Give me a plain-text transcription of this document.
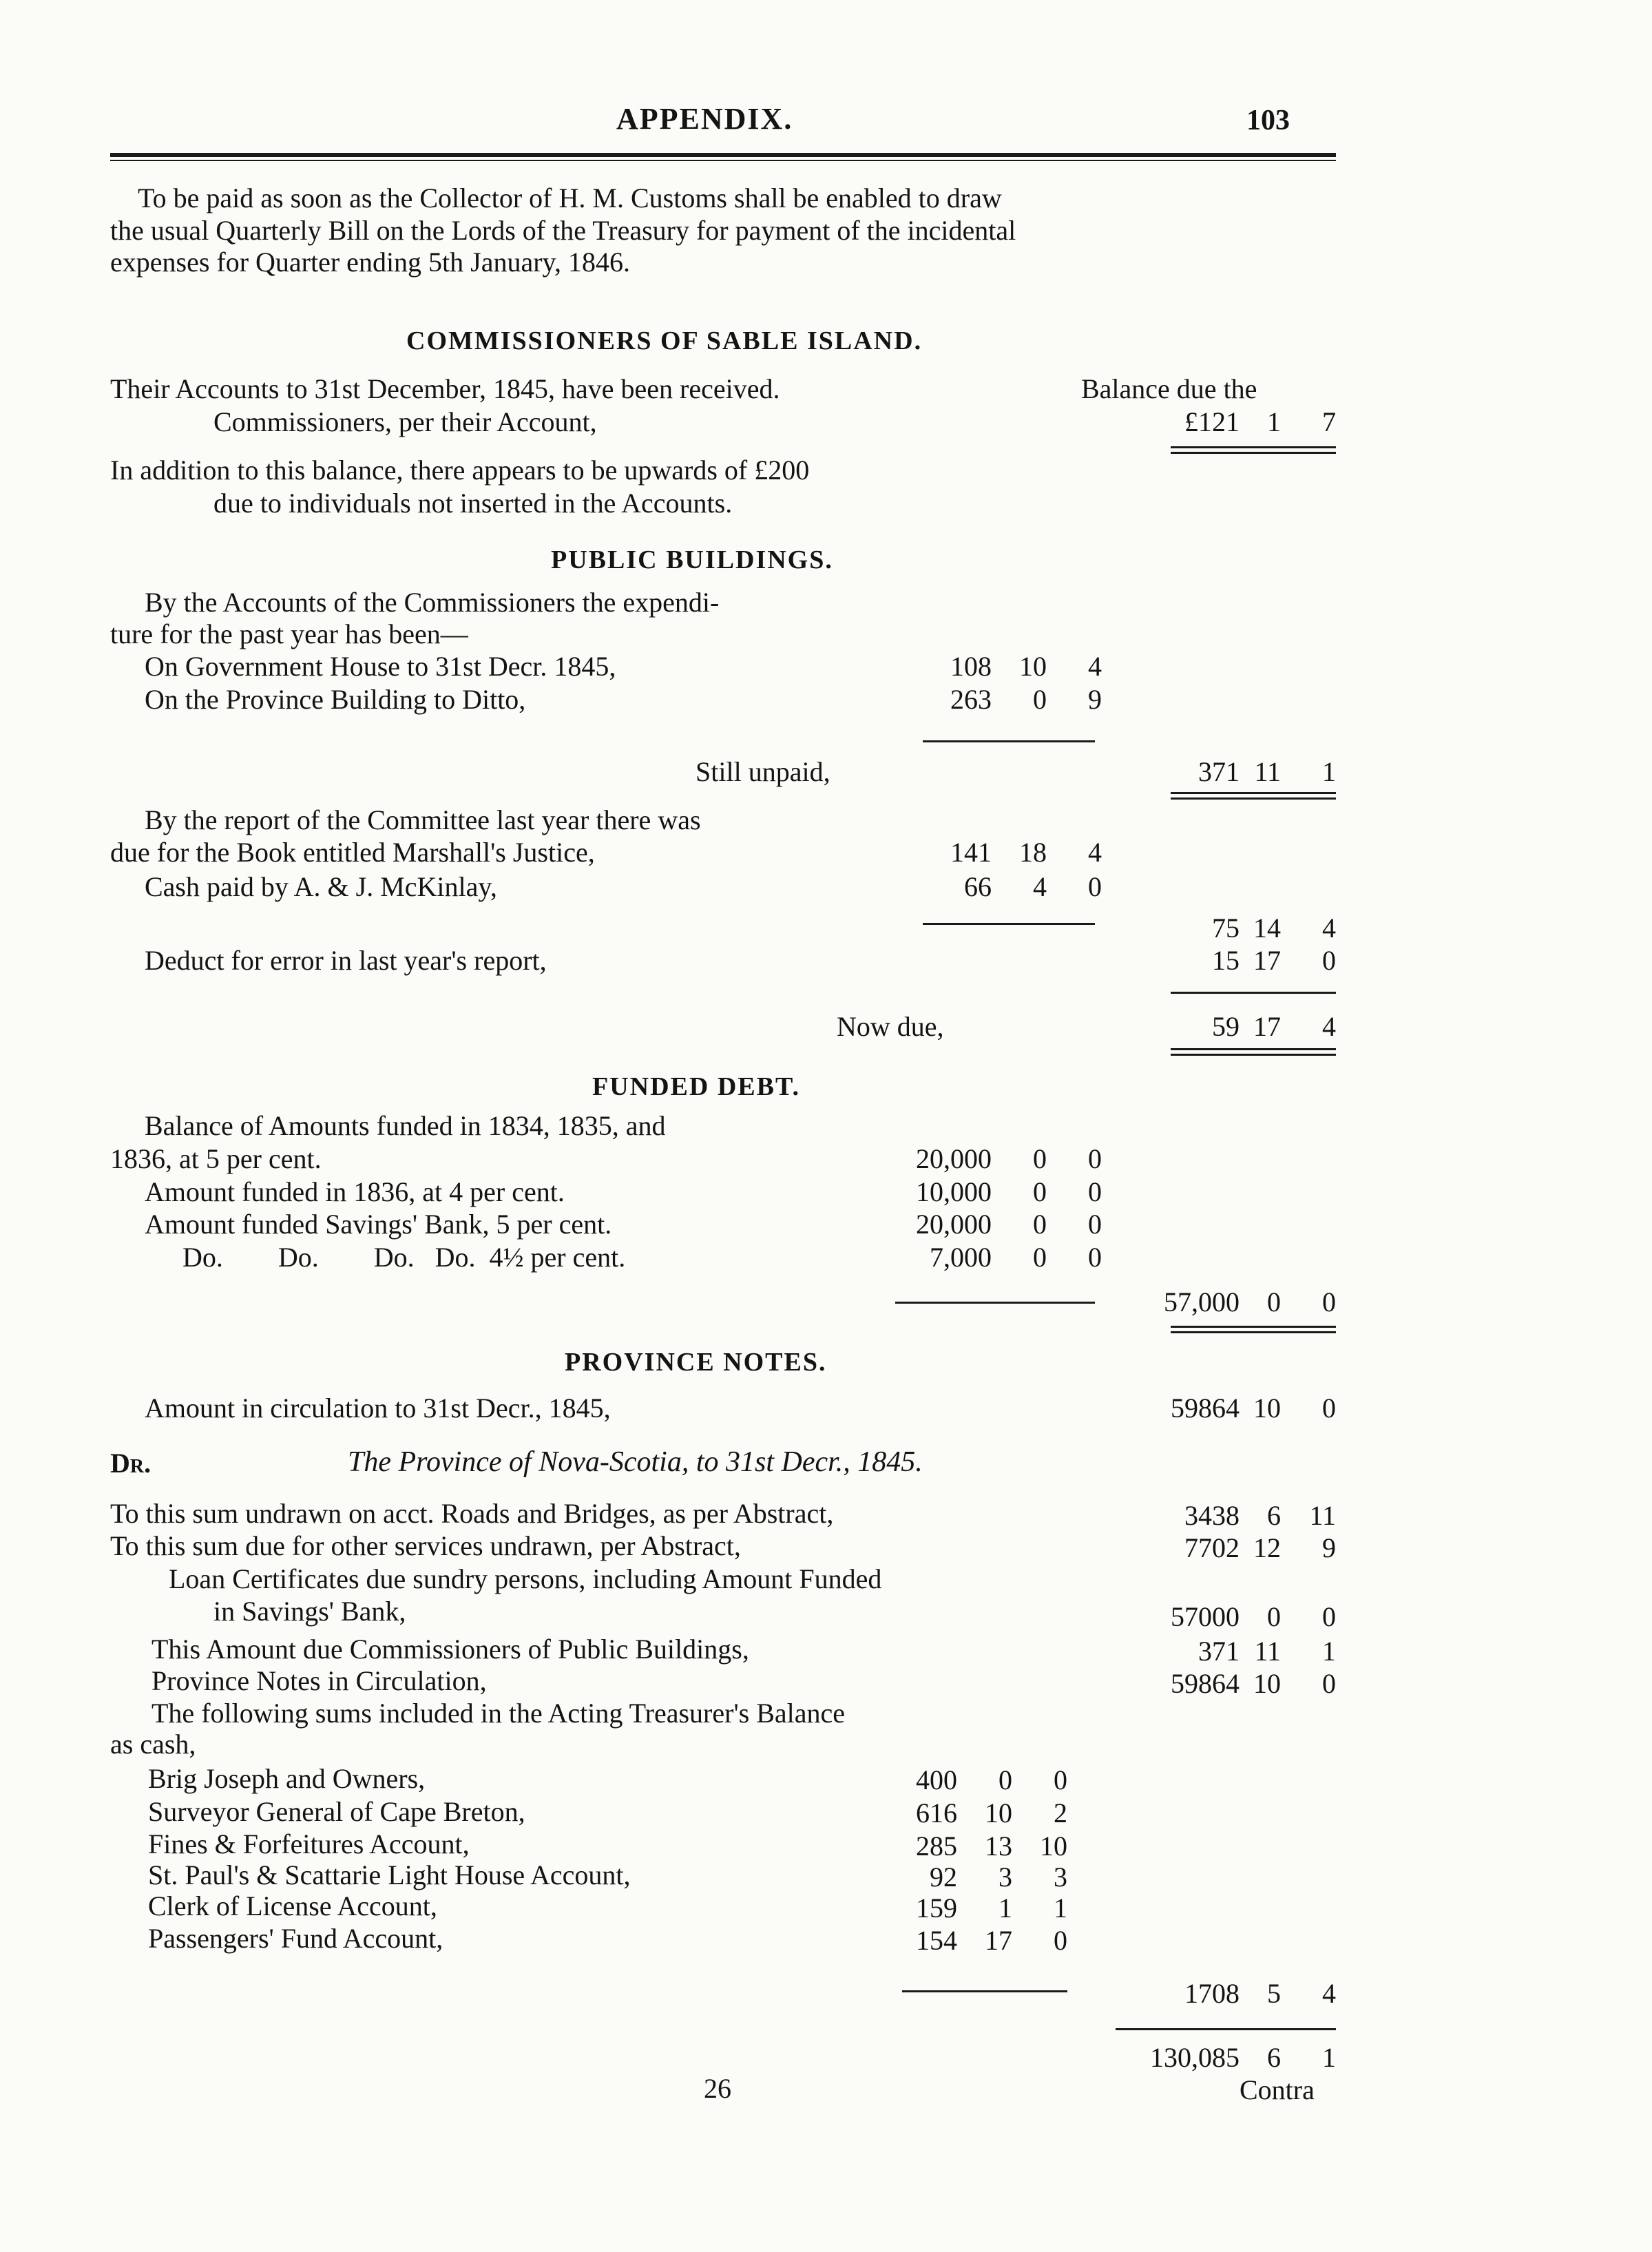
APPENDIX.	103
To be paid as soon as the Collector of H. M. Customs shall be enabled to draw
the usual Quarterly Bill on the Lords of the Treasury for payment of the incidental
expenses for Quarter ending 5th January, 1846.
COMMISSIONERS OF SABLE ISLAND.
Their Accounts to 31st December, 1845, have been received.	Balance due the
Commissioners, per their Account,	£121	1	7
In addition to this balance, there appears to be upwards of £200
due to individuals not inserted in the Accounts.
PUBLIC BUILDINGS.
By the Accounts of the Commissioners the expendi-
ture for the past year has been—
On Government House to 31st Decr. 1845,	108	10	4
On the Province Building to Ditto,	263	0	9
Still unpaid,	371 11	1
By the report of the Committee last year there was
due for the Book entitled Marshall's Justice,	141	18	4
Cash paid by A. & J. McKinlay,	66	4	0
75 14	4
Deduct for error in last year's report,	15 17	0
Now due,	59 17	4
FUNDED DEBT.
Balance of Amounts funded in 1834, 1835, and
1836, at 5 per cent.	20,000	0	0
Amount funded in 1836, at 4 per cent.	10,000	0	0
Amount funded Savings' Bank, 5 per cent.	20,000	0	0
Do.        Do.        Do.   Do.  4½ per cent.	7,000	0	0
57,000	0	0
PROVINCE NOTES.
Amount in circulation to 31st Decr., 1845,	59864 10	0
Dr.	The Province of Nova-Scotia, to 31st Decr., 1845.
To this sum undrawn on acct. Roads and Bridges, as per Abstract,	3438	6	11
To this sum due for other services undrawn, per Abstract,	7702 12	9
Loan Certificates due sundry persons, including Amount Funded
in Savings' Bank,	57000	0	0
This Amount due Commissioners of Public Buildings,	371 11	1
Province Notes in Circulation,	59864 10	0
The following sums included in the Acting Treasurer's Balance
as cash,
Brig Joseph and Owners,	400	0	0
Surveyor General of Cape Breton,	616	10	2
Fines & Forfeitures Account,	285	13	10
St. Paul's & Scattarie Light House Account,	92	3	3
Clerk of License Account,	159	1	1
Passengers' Fund Account,	154	17	0
1708	5	4
130,085	6	1
26	Contra
